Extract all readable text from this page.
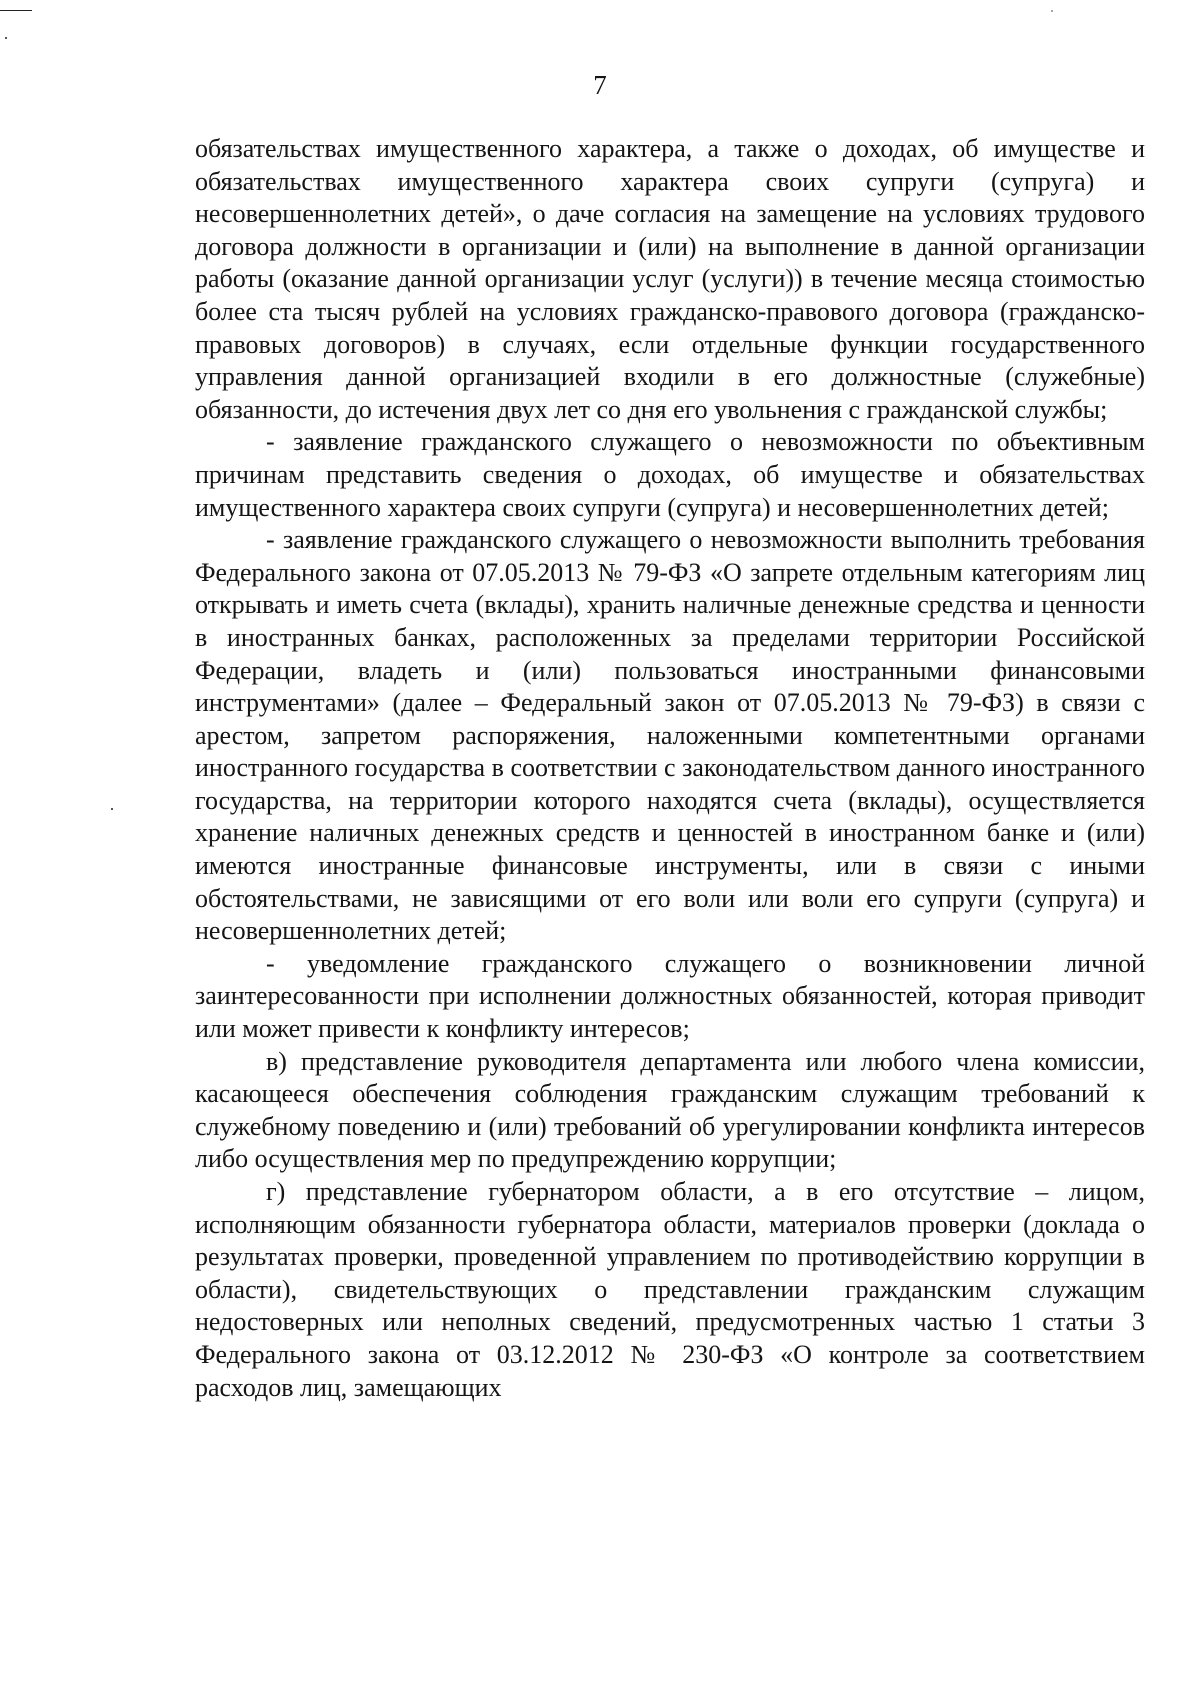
7

обязательствах имущественного характера, а также о доходах, об имуществе и обязательствах имущественного характера своих супруги (супруга) и несовершеннолетних детей», о даче согласия на замещение на условиях трудового договора должности в организации и (или) на выполнение в данной организации работы (оказание данной организации услуг (услуги)) в течение месяца стоимостью более ста тысяч рублей на условиях гражданско-правового договора (гражданско-правовых договоров) в случаях, если отдельные функции государственного управления данной организацией входили в его должностные (служебные) обязанности, до истечения двух лет со дня его увольнения с гражданской службы;

- заявление гражданского служащего о невозможности по объективным причинам представить сведения о доходах, об имуществе и обязательствах имущественного характера своих супруги (супруга) и несовершеннолетних детей;

- заявление гражданского служащего о невозможности выполнить требования Федерального закона от 07.05.2013 № 79-ФЗ «О запрете отдельным категориям лиц открывать и иметь счета (вклады), хранить наличные денежные средства и ценности в иностранных банках, расположенных за пределами территории Российской Федерации, владеть и (или) пользоваться иностранными финансовыми инструментами» (далее – Федеральный закон от 07.05.2013 № 79-ФЗ) в связи с арестом, запретом распоряжения, наложенными компетентными органами иностранного государства в соответствии с законодательством данного иностранного государства, на территории которого находятся счета (вклады), осуществляется хранение наличных денежных средств и ценностей в иностранном банке и (или) имеются иностранные финансовые инструменты, или в связи с иными обстоятельствами, не зависящими от его воли или воли его супруги (супруга) и несовершеннолетних детей;

- уведомление гражданского служащего о возникновении личной заинтересованности при исполнении должностных обязанностей, которая приводит или может привести к конфликту интересов;

в) представление руководителя департамента или любого члена комиссии, касающееся обеспечения соблюдения гражданским служащим требований к служебному поведению и (или) требований об урегулировании конфликта интересов либо осуществления мер по предупреждению коррупции;

г) представление губернатором области, а в его отсутствие – лицом, исполняющим обязанности губернатора области, материалов проверки (доклада о результатах проверки, проведенной управлением по противодействию коррупции в области), свидетельствующих о представлении гражданским служащим недостоверных или неполных сведений, предусмотренных частью 1 статьи 3 Федерального закона от 03.12.2012 № 230-ФЗ «О контроле за соответствием расходов лиц, замещающих
